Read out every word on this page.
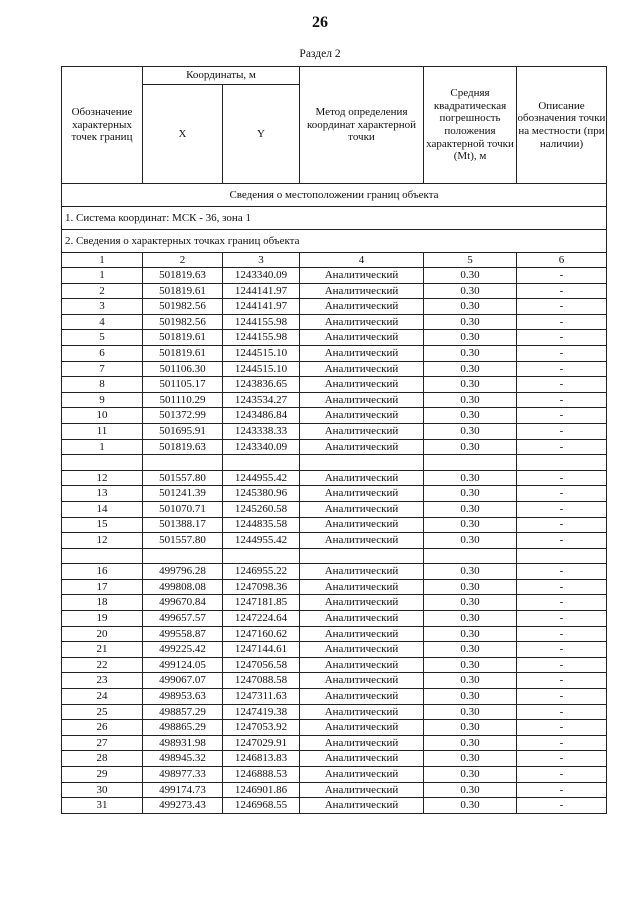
26
Раздел 2
Сведения о местоположении границ объекта					
1. Система координат: МСК - 36, зона 1					
2. Сведения о характерных точках границ объекта					
Обозначение характерных точек границ	Координаты, м		Метод определения координат характерной точки	Средняя квадратическая погрешность положения характерной точки (Mt), м	Описание обозначения точки на местности (при наличии)
	X	Y			
1	2	3	4	5	6
1	501819.63	1243340.09	Аналитический	0.30	-
2	501819.61	1244141.97	Аналитический	0.30	-
3	501982.56	1244141.97	Аналитический	0.30	-
4	501982.56	1244155.98	Аналитический	0.30	-
5	501819.61	1244155.98	Аналитический	0.30	-
6	501819.61	1244515.10	Аналитический	0.30	-
7	501106.30	1244515.10	Аналитический	0.30	-
8	501105.17	1243836.65	Аналитический	0.30	-
9	501110.29	1243534.27	Аналитический	0.30	-
10	501372.99	1243486.84	Аналитический	0.30	-
11	501695.91	1243338.33	Аналитический	0.30	-
1	501819.63	1243340.09	Аналитический	0.30	-

12	501557.80	1244955.42	Аналитический	0.30	-
13	501241.39	1245380.96	Аналитический	0.30	-
14	501070.71	1245260.58	Аналитический	0.30	-
15	501388.17	1244835.58	Аналитический	0.30	-
12	501557.80	1244955.42	Аналитический	0.30	-

16	499796.28	1246955.22	Аналитический	0.30	-
17	499808.08	1247098.36	Аналитический	0.30	-
18	499670.84	1247181.85	Аналитический	0.30	-
19	499657.57	1247224.64	Аналитический	0.30	-
20	499558.87	1247160.62	Аналитический	0.30	-
21	499225.42	1247144.61	Аналитический	0.30	-
22	499124.05	1247056.58	Аналитический	0.30	-
23	499067.07	1247088.58	Аналитический	0.30	-
24	498953.63	1247311.63	Аналитический	0.30	-
25	498857.29	1247419.38	Аналитический	0.30	-
26	498865.29	1247053.92	Аналитический	0.30	-
27	498931.98	1247029.91	Аналитический	0.30	-
28	498945.32	1246813.83	Аналитический	0.30	-
29	498977.33	1246888.53	Аналитический	0.30	-
30	499174.73	1246901.86	Аналитический	0.30	-
31	499273.43	1246968.55	Аналитический	0.30	-
